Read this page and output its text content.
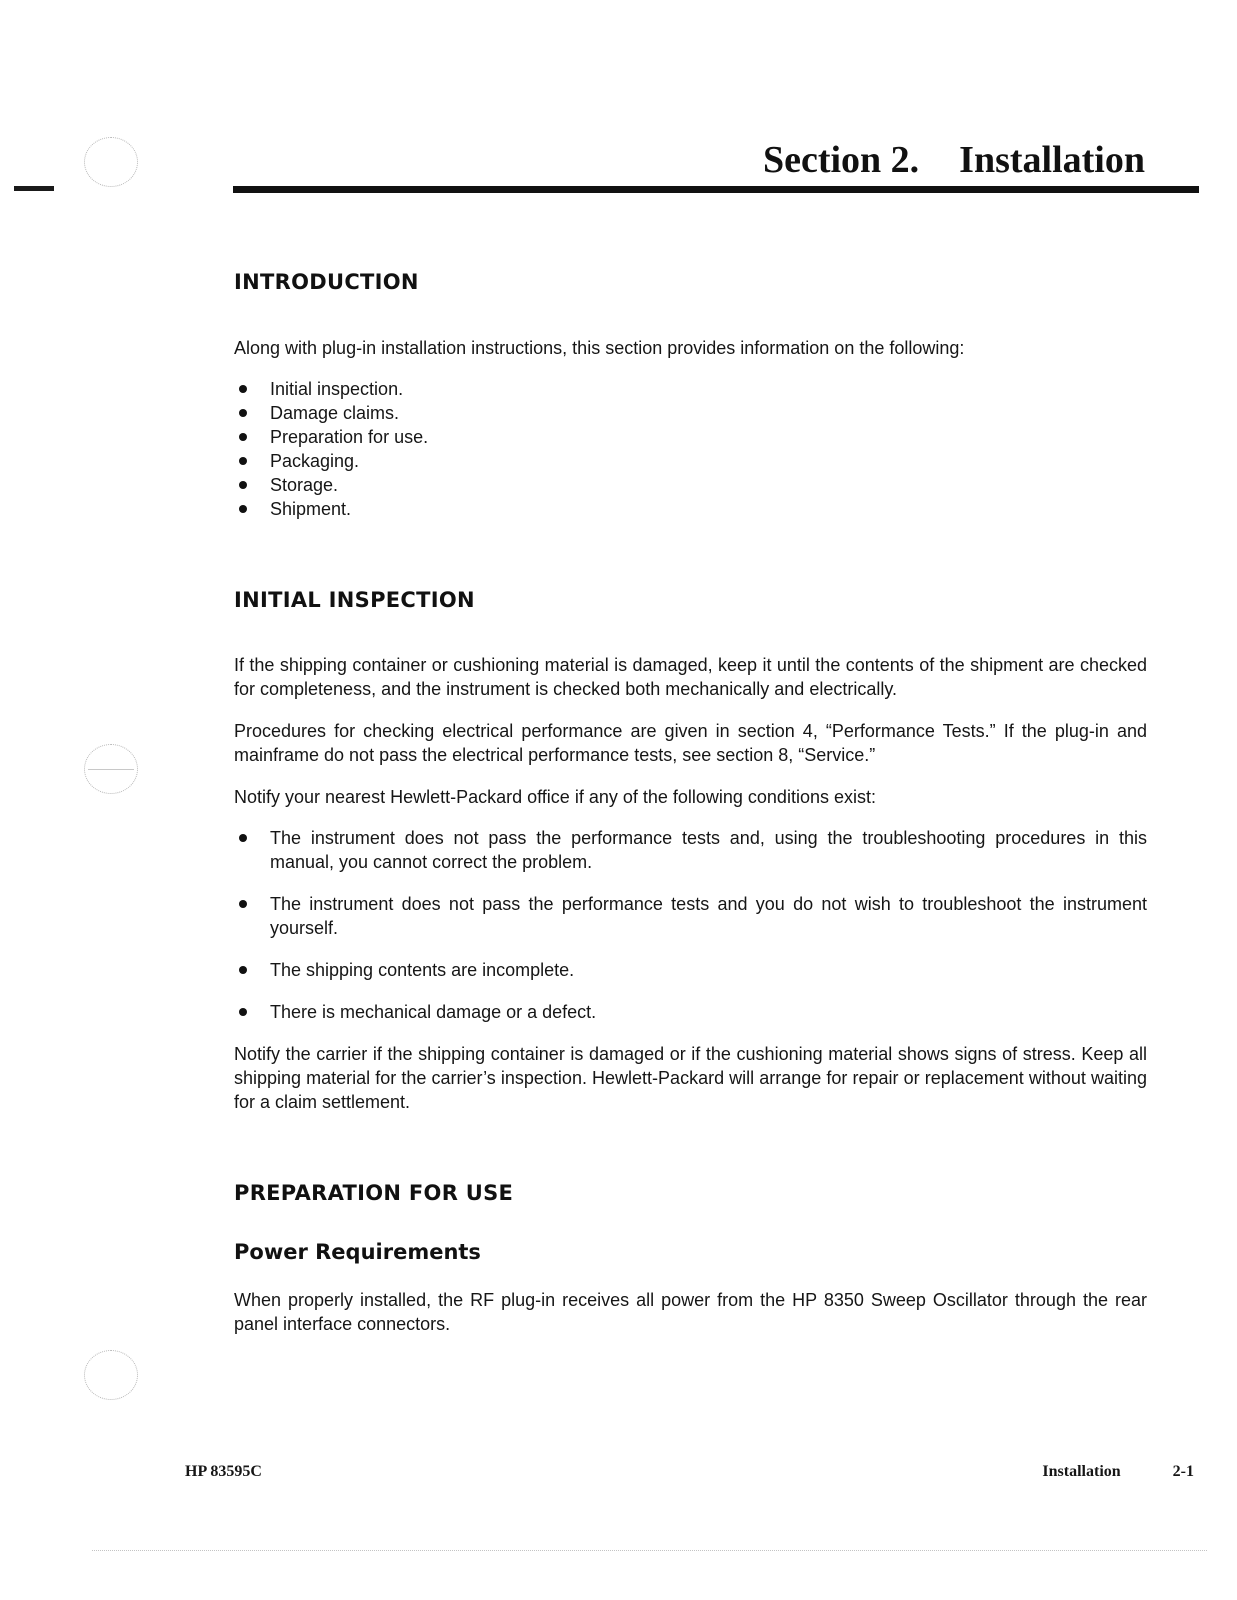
Section 2. Installation
INTRODUCTION

Along with plug-in installation instructions, this section provides information on the following:

Initial inspection.
Damage claims.
Preparation for use.
Packaging.
Storage.
Shipment.
INITIAL INSPECTION

If the shipping container or cushioning material is damaged, keep it until the contents of the shipment are checked for completeness, and the instrument is checked both mechanically and electrically.

Procedures for checking electrical performance are given in section 4, “Performance Tests.” If the plug-in and mainframe do not pass the electrical performance tests, see section 8, “Service.”

Notify your nearest Hewlett-Packard office if any of the following conditions exist:

The instrument does not pass the performance tests and, using the troubleshooting procedures in this manual, you cannot correct the problem.
The instrument does not pass the performance tests and you do not wish to troubleshoot the instrument yourself.
The shipping contents are incomplete.
There is mechanical damage or a defect.

Notify the carrier if the shipping container is damaged or if the cushioning material shows signs of stress. Keep all shipping material for the carrier’s inspection. Hewlett-Packard will arrange for repair or replacement without waiting for a claim settlement.

PREPARATION FOR USE
Power Requirements

When properly installed, the RF plug-in receives all power from the HP 8350 Sweep Oscillator through the rear panel interface connectors.

HP 83595C	Installation	2-1
